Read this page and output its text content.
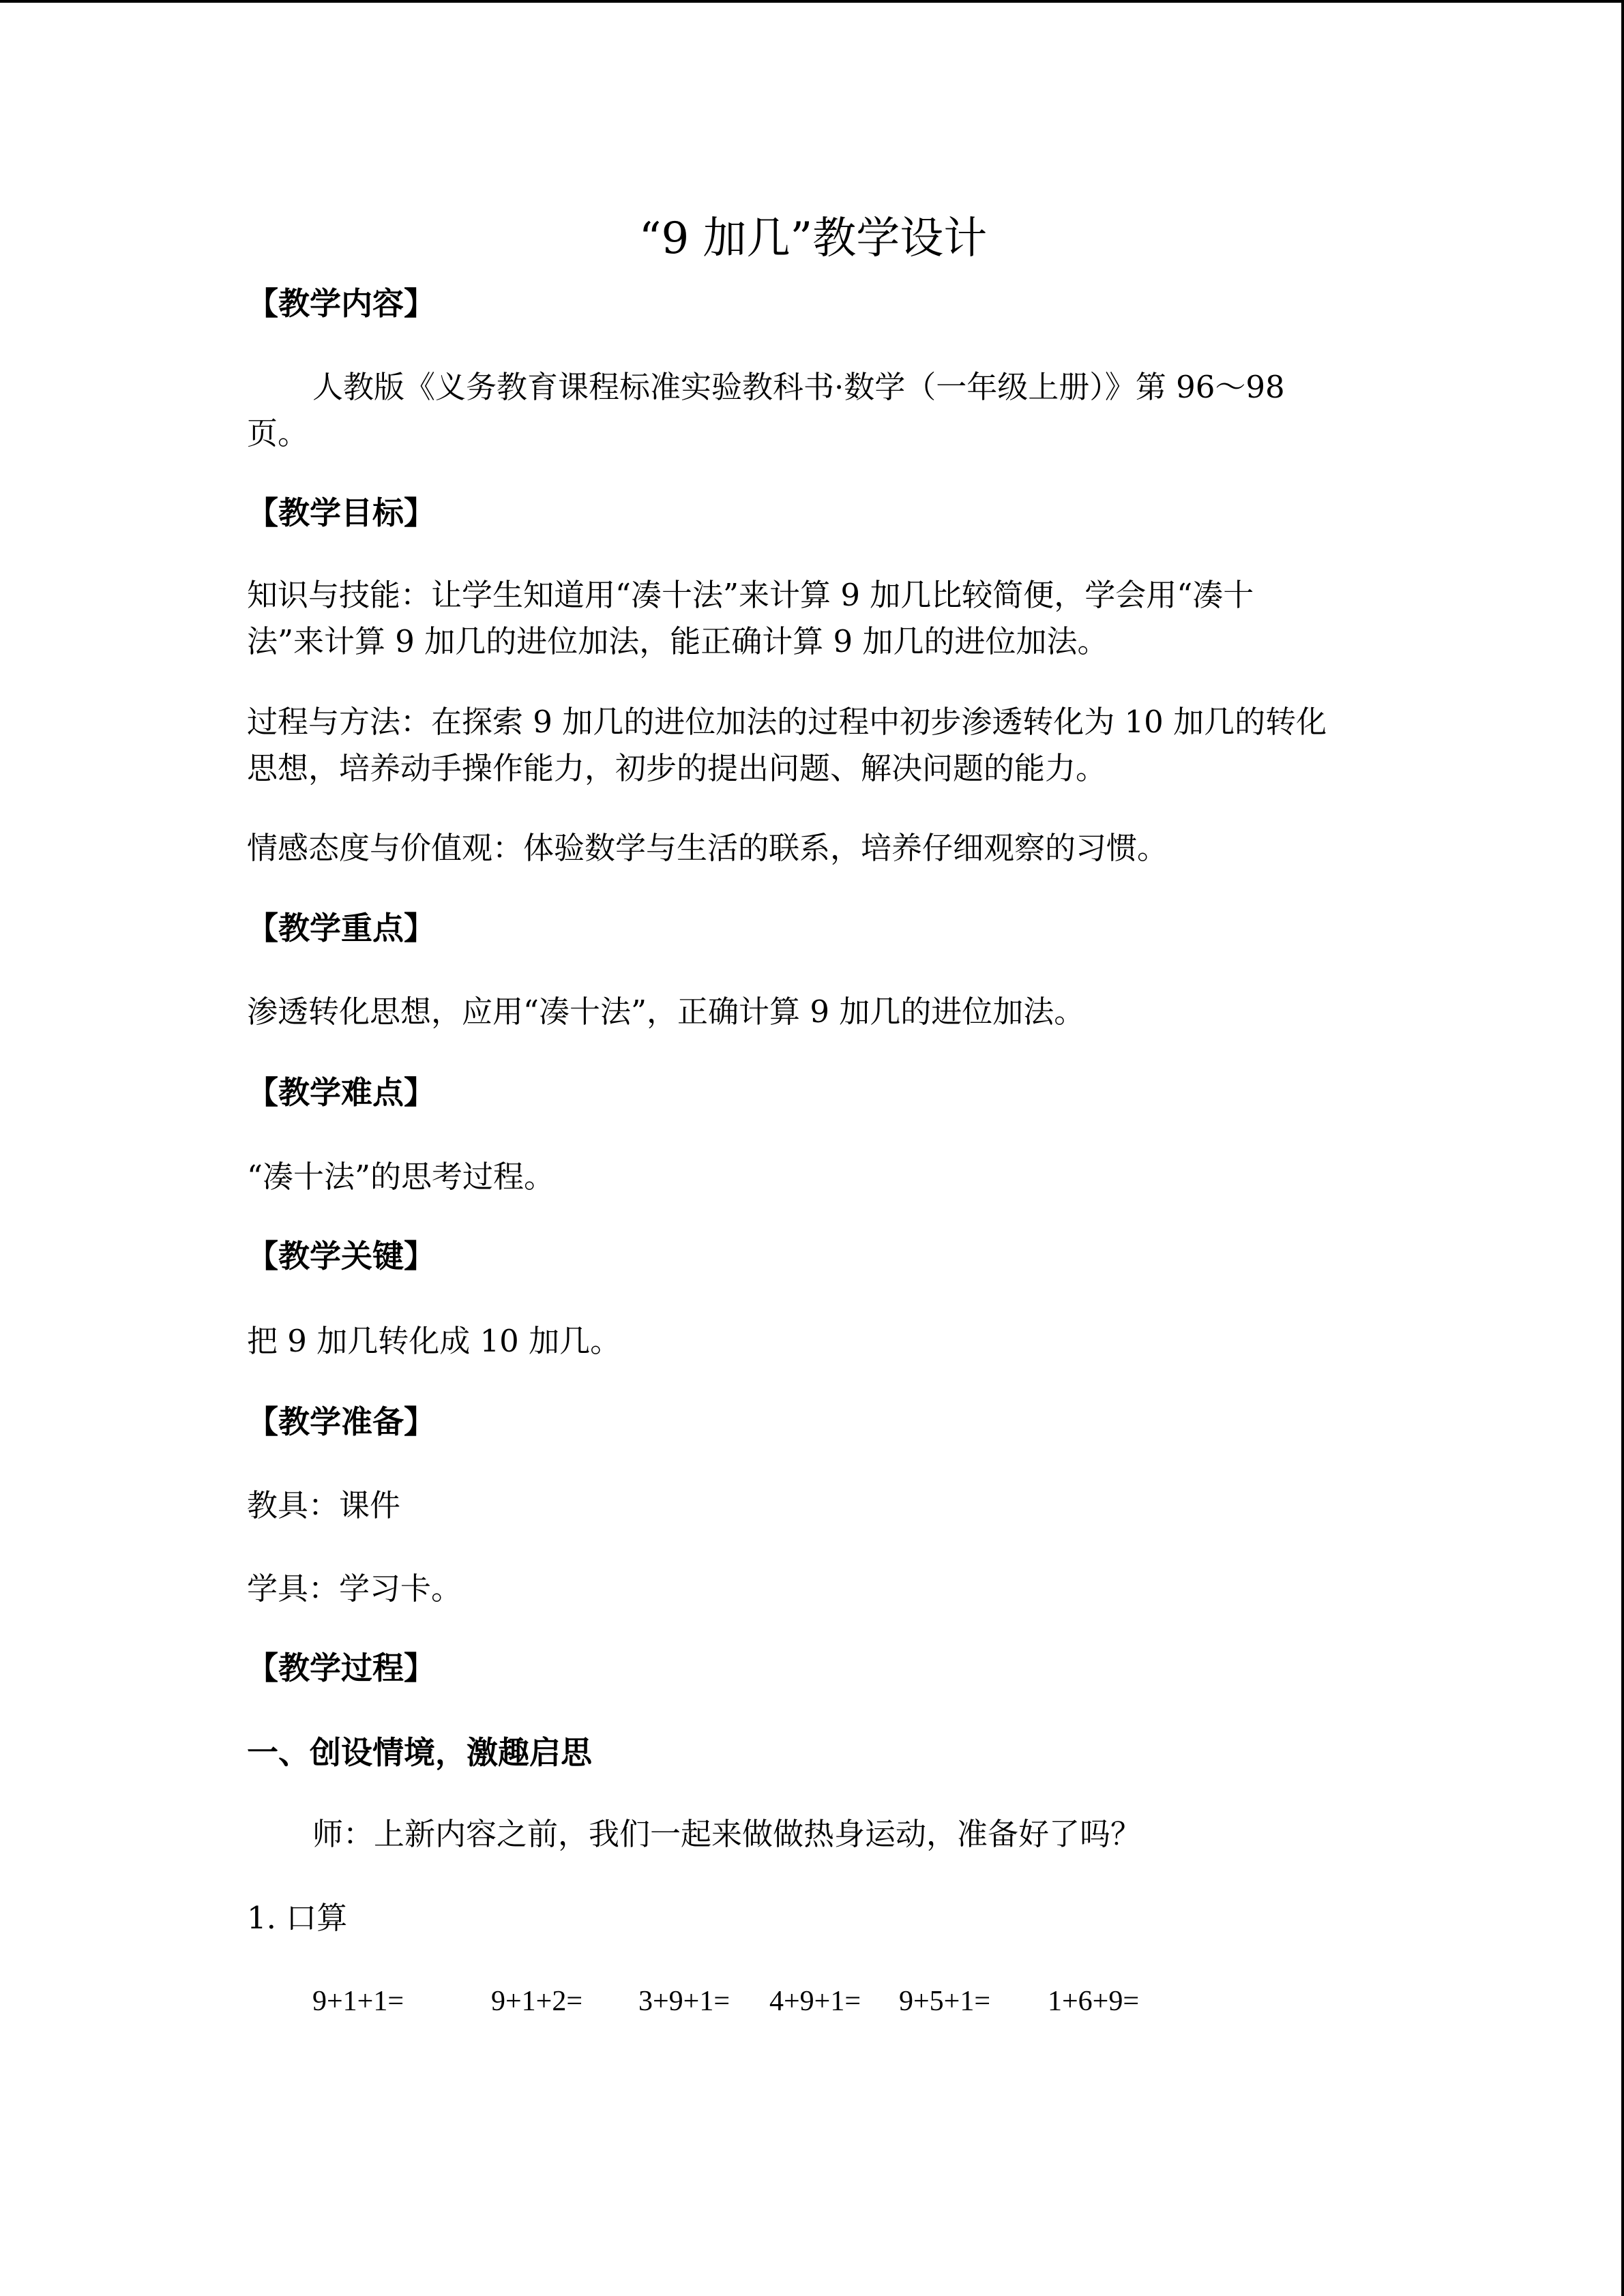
“9 加几”教学设计
【教学内容】
人教版《义务教育课程标准实验教科书·数学（一年级上册）》第 96～98
页。
【教学目标】
知识与技能：让学生知道用“凑十法”来计算 9 加几比较简便，学会用“凑十
法”来计算 9 加几的进位加法，能正确计算 9 加几的进位加法。
过程与方法：在探索 9 加几的进位加法的过程中初步渗透转化为 10 加几的转化
思想，培养动手操作能力，初步的提出问题、解决问题的能力。
情感态度与价值观：体验数学与生活的联系，培养仔细观察的习惯。
【教学重点】
渗透转化思想，应用“凑十法”，正确计算 9 加几的进位加法。
【教学难点】
“凑十法”的思考过程。
【教学关键】
把 9 加几转化成 10 加几。
【教学准备】
教具：课件
学具：学习卡。
【教学过程】
一、创设情境，激趣启思
师：上新内容之前，我们一起来做做热身运动，准备好了吗？
1. 口算
9+1+1=	9+1+2= 3+9+1= 4+9+1= 9+5+1= 1+6+9=
